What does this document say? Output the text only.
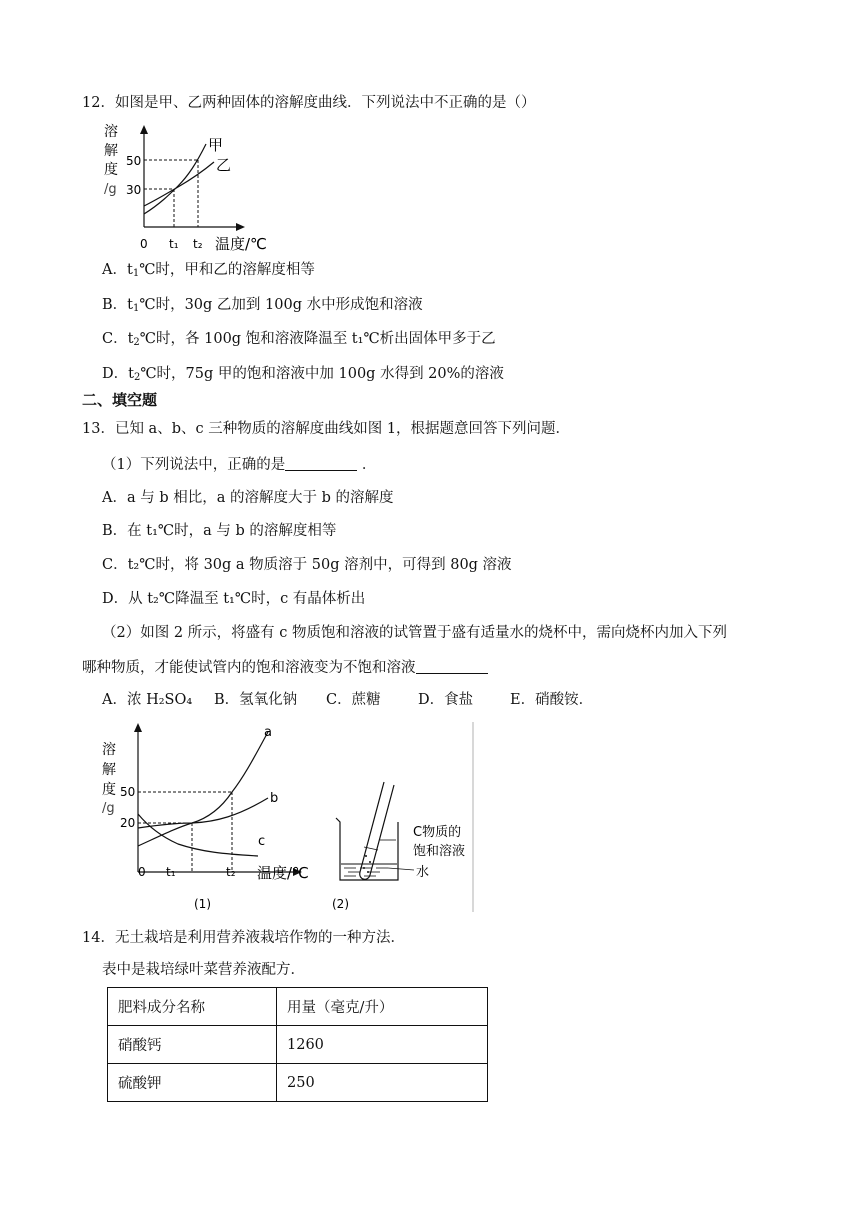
12．如图是甲、乙两种固体的溶解度曲线．下列说法中不正确的是（）
溶
解
度
/g
50
30
甲
乙
0 t₁ t₂ 温度/℃
A．$t_1℃$时，甲和乙的溶解度相等
B．$t_1℃$时，30g 乙加到 100g 水中形成饱和溶液
C．$t_2℃$时，各 100g 饱和溶液降温至 t₁℃析出固体甲多于乙
D．$t_2℃$时，75g 甲的饱和溶液中加 100g 水得到 20%的溶液
二、填空题
13．已知 a、b、c 三种物质的溶解度曲线如图 1，根据题意回答下列问题．
（1）下列说法中，正确的是	．
A．a 与 b 相比，a 的溶解度大于 b 的溶解度
B．在 t₁℃时，a 与 b 的溶解度相等
C．t₂℃时，将 30g a 物质溶于 50g 溶剂中，可得到 80g 溶液
D．从 t₂℃降温至 t₁℃时，c 有晶体析出
（2）如图 2 所示，将盛有 c 物质饱和溶液的试管置于盛有适量水的烧杯中，需向烧杯内加入下列
哪种物质，才能使试管内的饱和溶液变为不饱和溶液
A．浓 H₂SO₄ B．氢氧化钠 C．蔗糖	D．食盐	E．硝酸铵．
溶
解
度
/g
50
20
a
b
c
0 t₁	t₂ 温度/℃
(1)
C物质的
饱和溶液
水
(2)
14．无土栽培是利用营养液栽培作物的一种方法．
表中是栽培绿叶菜营养液配方．
肥料成分名称	用量（毫克/升）
硝酸钙	1260
硫酸钾	250
